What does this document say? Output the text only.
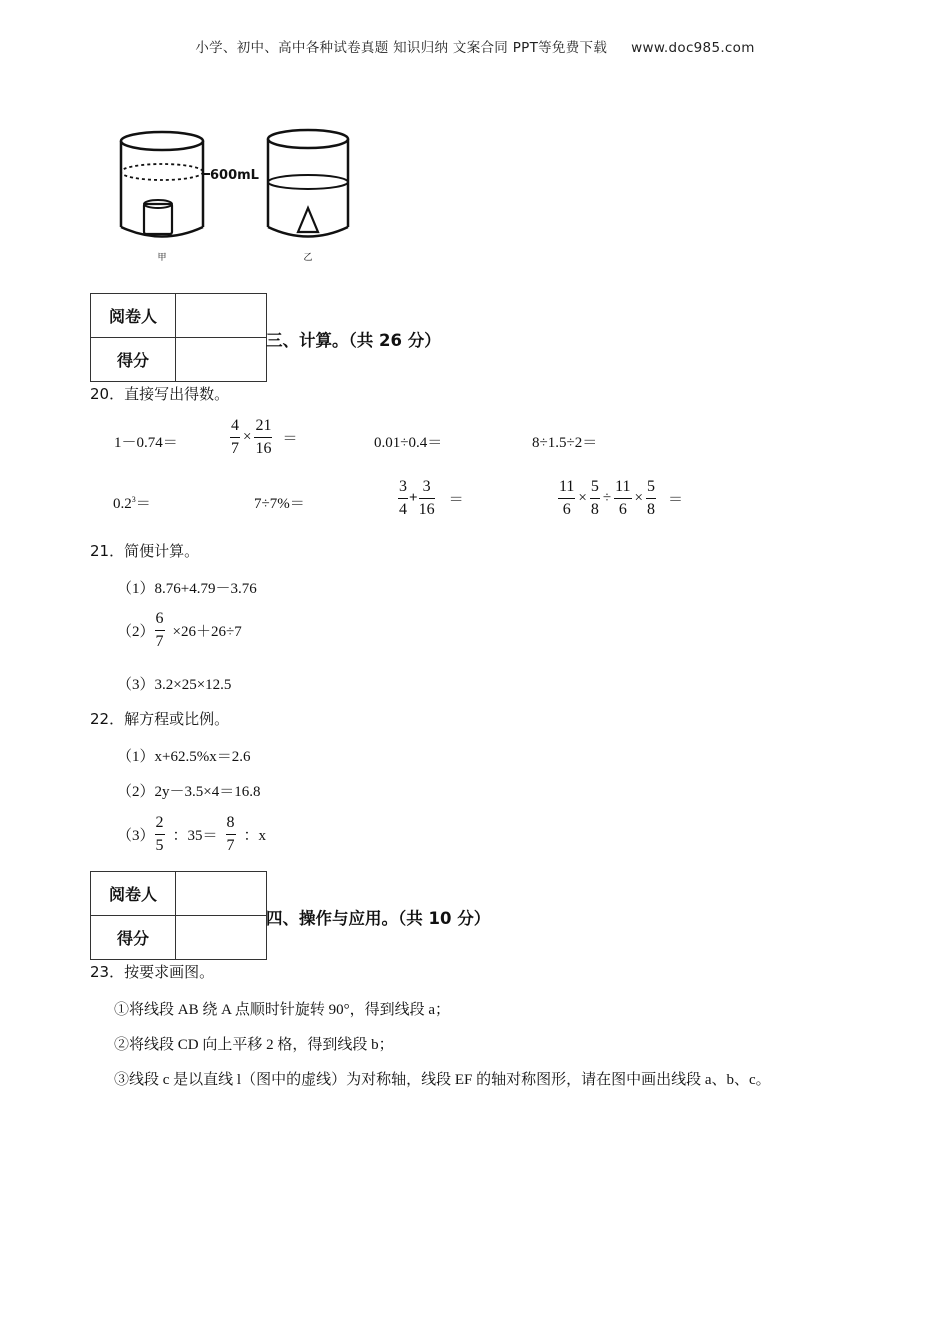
小学、初中、高中各种试卷真题 知识归纳 文案合同 PPT等免费下载 www.doc985.com
600mL
甲	乙
阅卷人	
得分	
三、计算。（共 26 分）
20．直接写出得数。
1－0.74＝	$\frac{4}{7} \times \frac{21}{16}$ ＝	0.01÷0.4＝	8÷1.5÷2＝
$0.2^3=$	7÷7%＝	$\frac{3}{4} + \frac{3}{16}$ ＝	$\frac{11}{6} \times \frac{5}{8} \div \frac{11}{6} \times \frac{5}{8}$ ＝
21．简便计算。
（1）8.76+4.79－3.76
$(2) \frac{6}{7} \times 26+26\div 7$
（3）3.2×25×12.5
22．解方程或比例。
（1）x+62.5%x＝2.6
（2）2y－3.5×4＝16.8
$(3) \frac{2}{5}$ ：$35= \frac{8}{7}$ ：x
阅卷人	
得分	
四、操作与应用。（共 10 分）
23．按要求画图。
①将线段 AB 绕 A 点顺时针旋转 90°，得到线段 a；
②将线段 CD 向上平移 2 格，得到线段 b；
③线段 c 是以直线 l（图中的虚线）为对称轴，线段 EF 的轴对称图形，请在图中画出线段 a、b、c。
